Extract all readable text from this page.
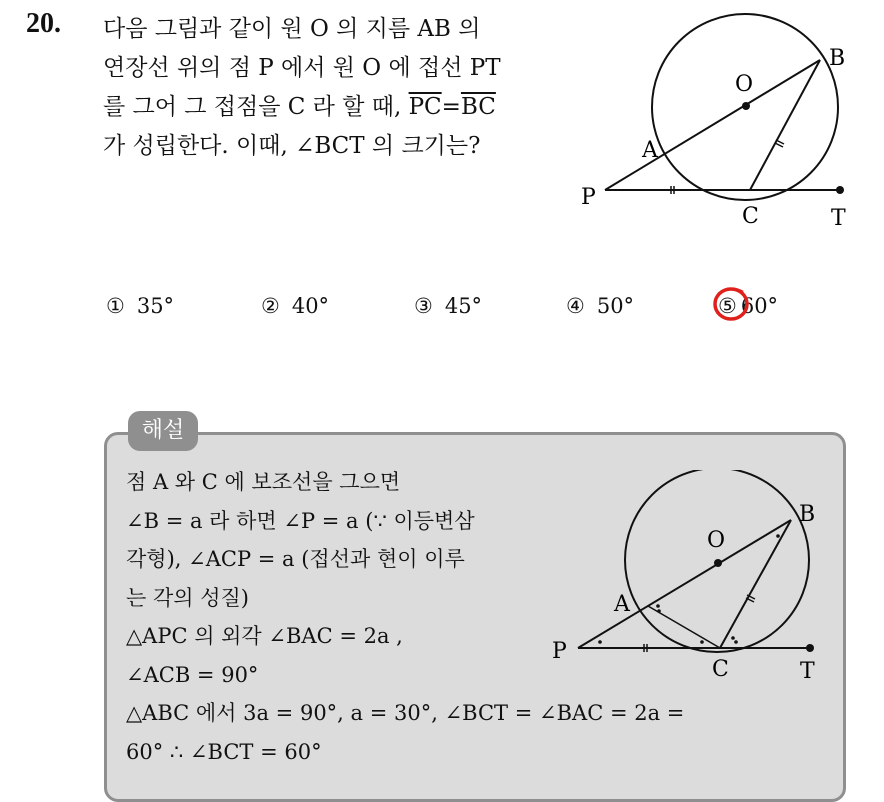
20. 다음 그림과 같이 원 O 의 지름 AB 의
연장선 위의 점 P 에서 원 O 에 접선 PT
를 그어 그 접점을 C 라 할 때, $\overline{PC}=\overline{BC}$
가 성립한다. 이때, ∠BCT 의 크기는?
O
B
A
P
C	T
① 35°	② 40°	③ 45°	④ 50°	⑤ 60°
해설
점 A 와 C 에 보조선을 그으면
∠B = a 라 하면 ∠P = a (∵ 이등변삼
각형), ∠ACP = a (접선과 현이 이루
는 각의 성질)
△APC 의 외각 ∠BAC = 2a ,
∠ACB = 90°
△ABC 에서 3a = 90°, a = 30°, ∠BCT = ∠BAC = 2a =
60° ∴ ∠BCT = 60°
O
B
A
P
C	T
